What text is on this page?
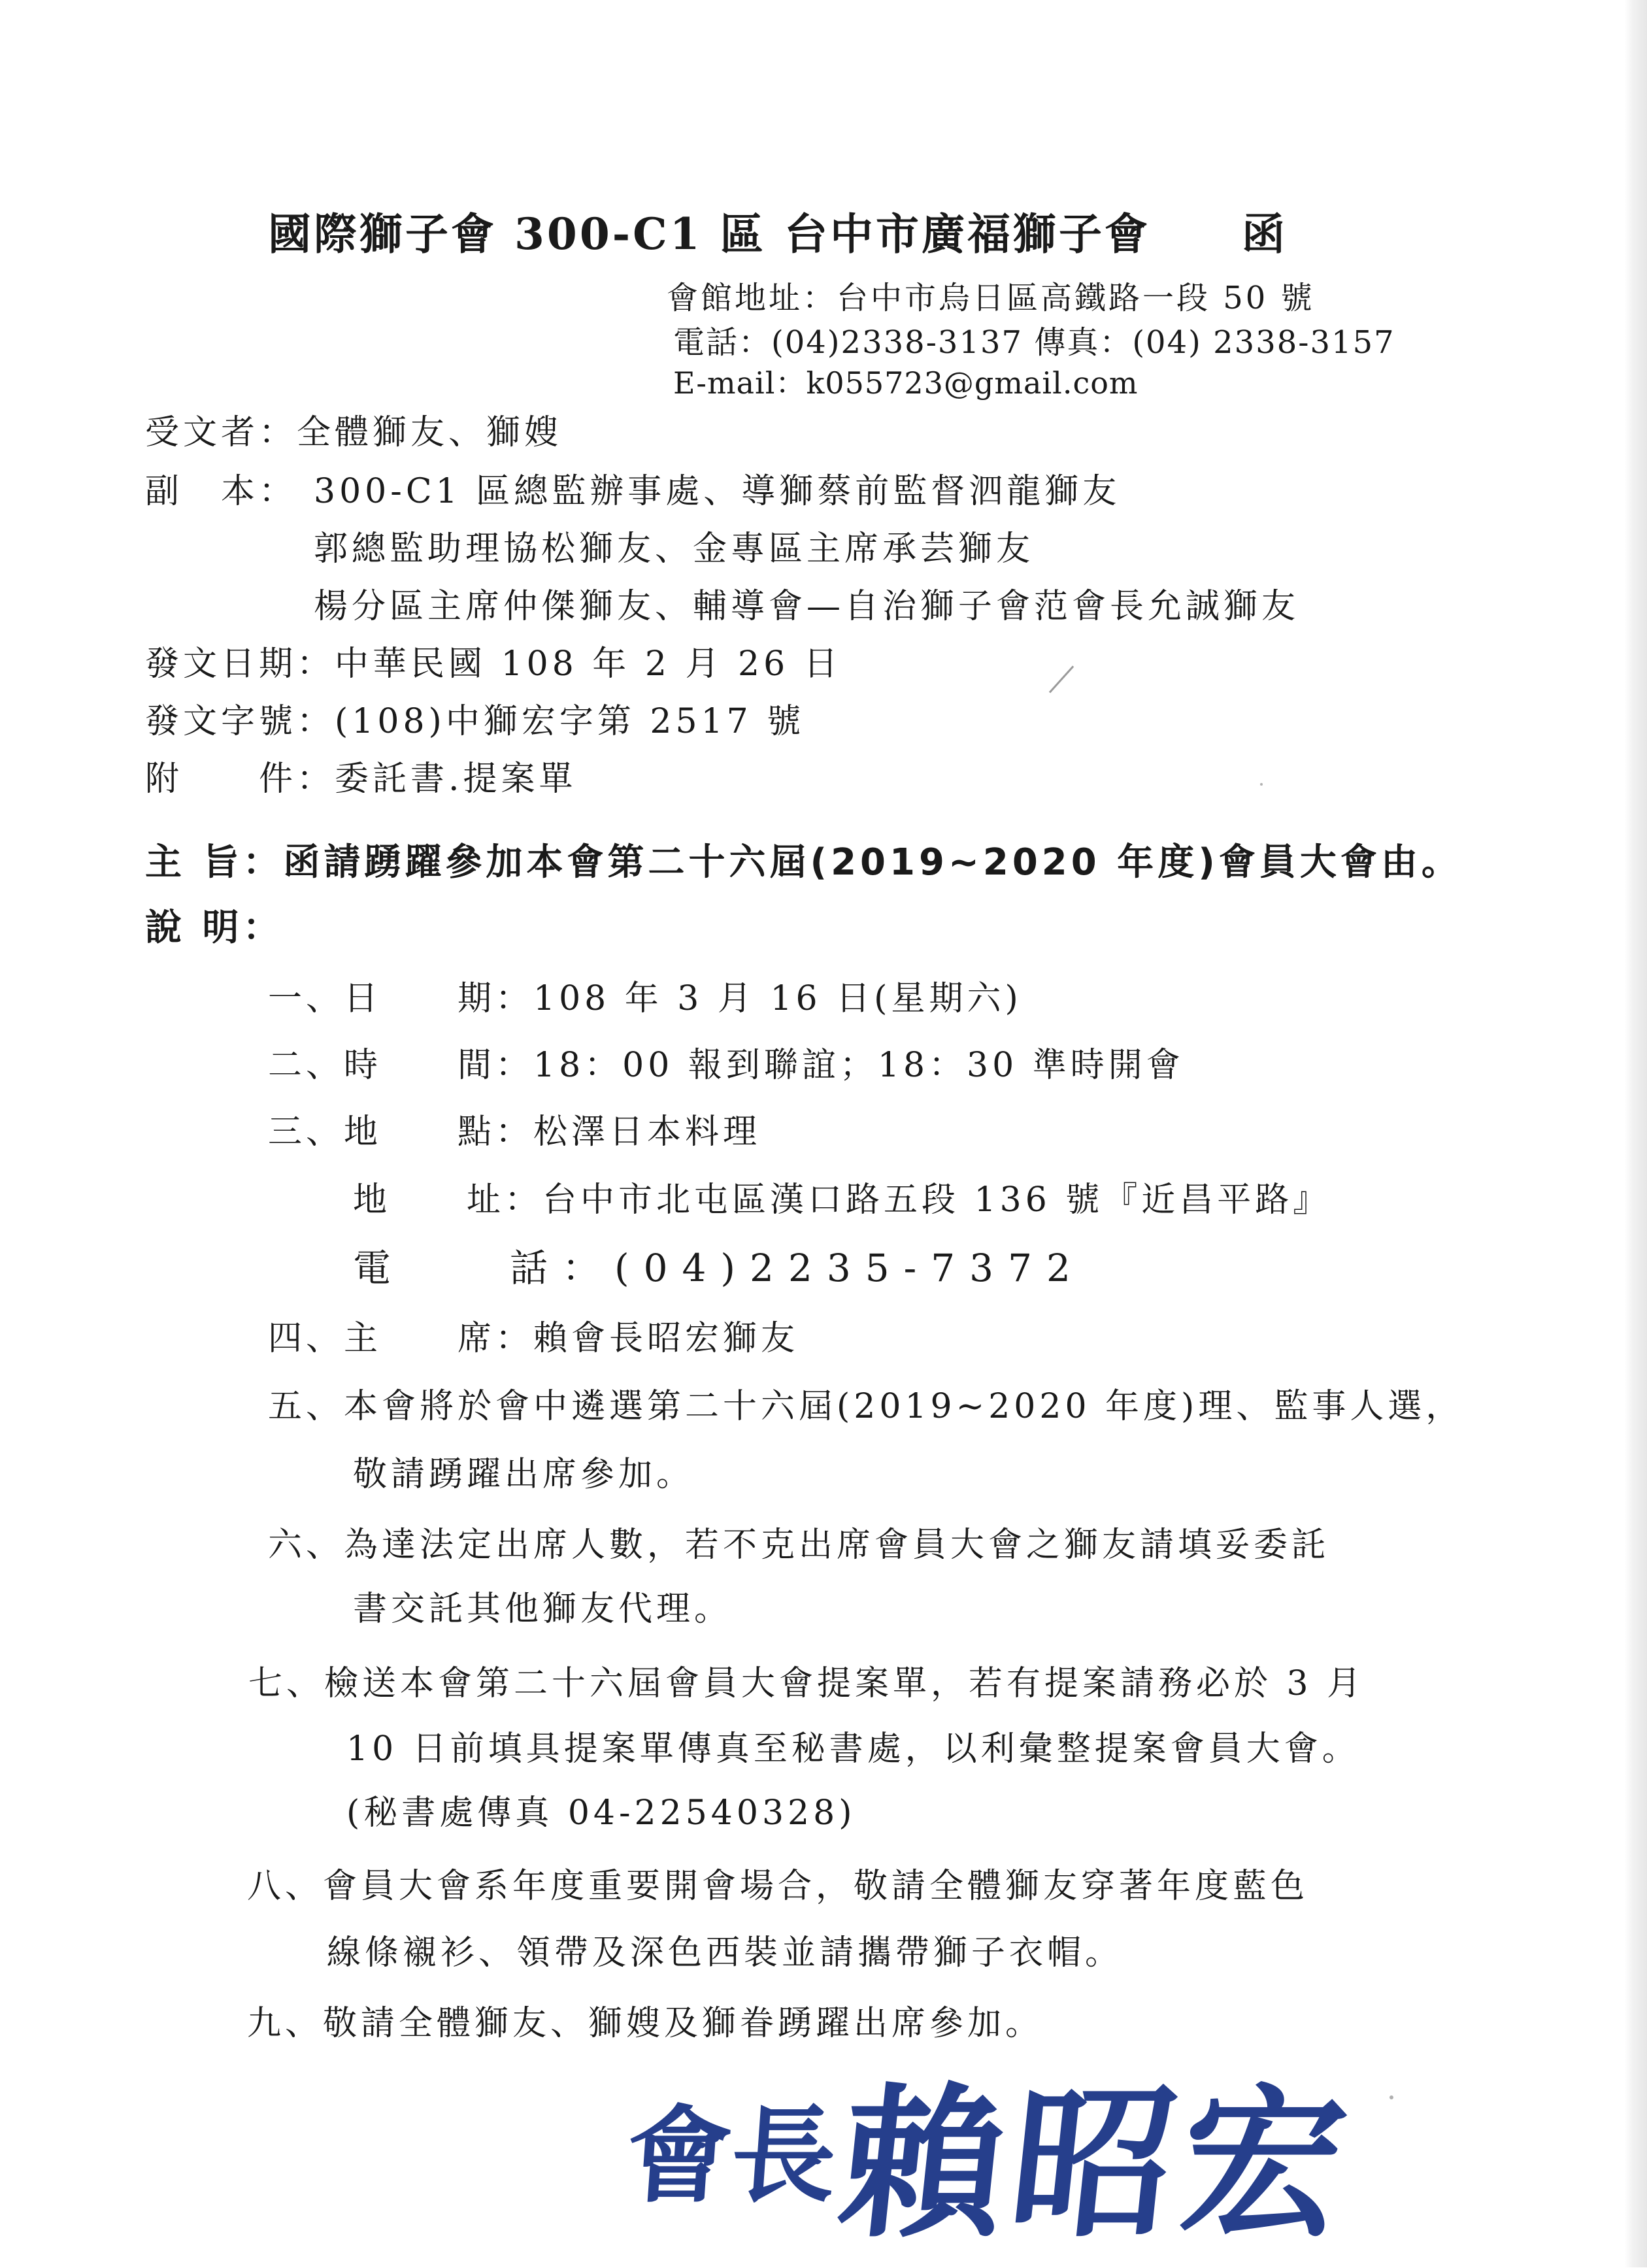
國際獅子會 300-C1 區 台中市廣福獅子會 函
會館地址：台中市烏日區高鐵路一段 50 號
電話：(04)2338-3137 傳真：(04) 2338-3157
E-mail：k055723@gmail.com
受文者：全體獅友、獅嫂
副　本： 300-C1 區總監辦事處、導獅蔡前監督泗龍獅友
郭總監助理協松獅友、金專區主席承芸獅友
楊分區主席仲傑獅友、輔導會—自治獅子會范會長允誠獅友
發文日期：中華民國 108 年 2 月 26 日
發文字號：(108)中獅宏字第 2517 號
附　　件：委託書.提案單
主 旨：函請踴躍參加本會第二十六屆(2019~2020 年度)會員大會由。
說 明：
一、日　　期：108 年 3 月 16 日(星期六)
二、時　　間：18：00 報到聯誼；18：30 準時開會
三、地　　點：松澤日本料理
地　　址：台中市北屯區漢口路五段 136 號『近昌平路』
電　　話：(04)2235-7372
四、主　　席：賴會長昭宏獅友
五、本會將於會中遴選第二十六屆(2019~2020 年度)理、監事人選，
敬請踴躍出席參加。
六、為達法定出席人數，若不克出席會員大會之獅友請填妥委託
書交託其他獅友代理。
七、檢送本會第二十六屆會員大會提案單，若有提案請務必於 3 月
10 日前填具提案單傳真至秘書處，以利彙整提案會員大會。
(秘書處傳真 04-22540328)
八、會員大會系年度重要開會場合，敬請全體獅友穿著年度藍色
線條襯衫、領帶及深色西裝並請攜帶獅子衣帽。
九、敬請全體獅友、獅嫂及獅眷踴躍出席參加。
會長
賴昭宏
